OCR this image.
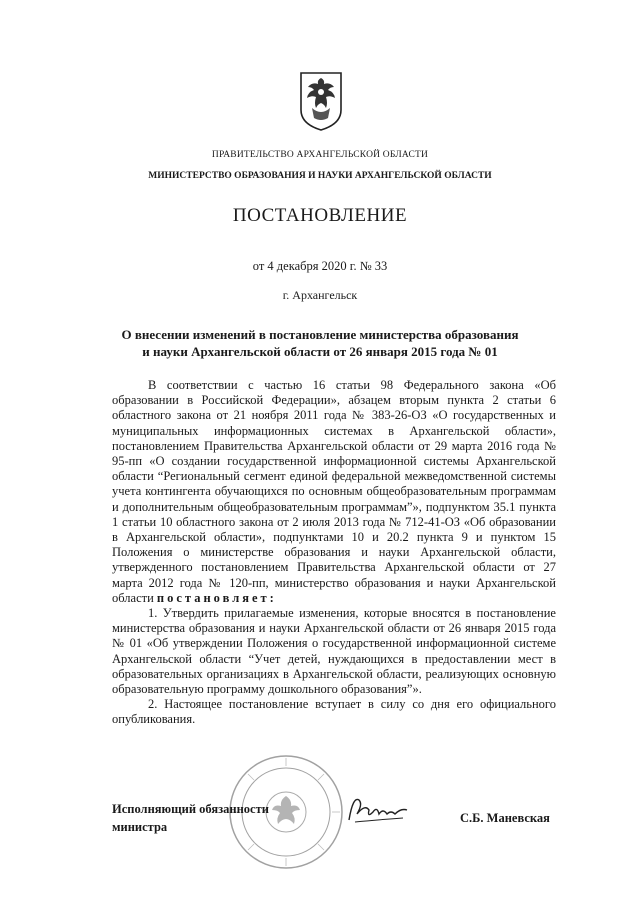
ПРАВИТЕЛЬСТВО АРХАНГЕЛЬСКОЙ ОБЛАСТИ
МИНИСТЕРСТВО ОБРАЗОВАНИЯ И НАУКИ АРХАНГЕЛЬСКОЙ ОБЛАСТИ
ПОСТАНОВЛЕНИЕ
от 4 декабря 2020 г. № 33
г. Архангельск
О внесении изменений в постановление министерства образования
и науки Архангельской области от 26 января 2015 года № 01

В соответствии с частью 16 статьи 98 Федерального закона «Об образовании в Российской Федерации», абзацем вторым пункта 2 статьи 6 областного закона от 21 ноября 2011 года № 383-26-ОЗ «О государственных и муниципальных информационных системах в Архангельской области», постановлением Правительства Архангельской области от 29 марта 2016 года № 95-пп «О создании государственной информационной системы Архангельской области “Региональный сегмент единой федеральной межведомственной системы учета контингента обучающихся по основным общеобразовательным программам и дополнительным общеобразовательным программам”», подпунктом 35.1 пункта 1 статьи 10 областного закона от 2 июля 2013 года № 712-41-ОЗ «Об образовании в Архангельской области», подпунктами 10 и 20.2 пункта 9 и пунктом 15 Положения о министерстве образования и науки Архангельской области, утвержденного постановлением Правительства Архангельской области от 27 марта 2012 года № 120-пп, министерство образования и науки Архангельской области постановляет:

1. Утвердить прилагаемые изменения, которые вносятся в постановление министерства образования и науки Архангельской области от 26 января 2015 года № 01 «Об утверждении Положения о государственной информационной системе Архангельской области “Учет детей, нуждающихся в предоставлении мест в образовательных организациях в Архангельской области, реализующих основную образовательную программу дошкольного образования”».

2. Настоящее постановление вступает в силу со дня его официального опубликования.

Исполняющий обязанности
министра
С.Б. Маневская
